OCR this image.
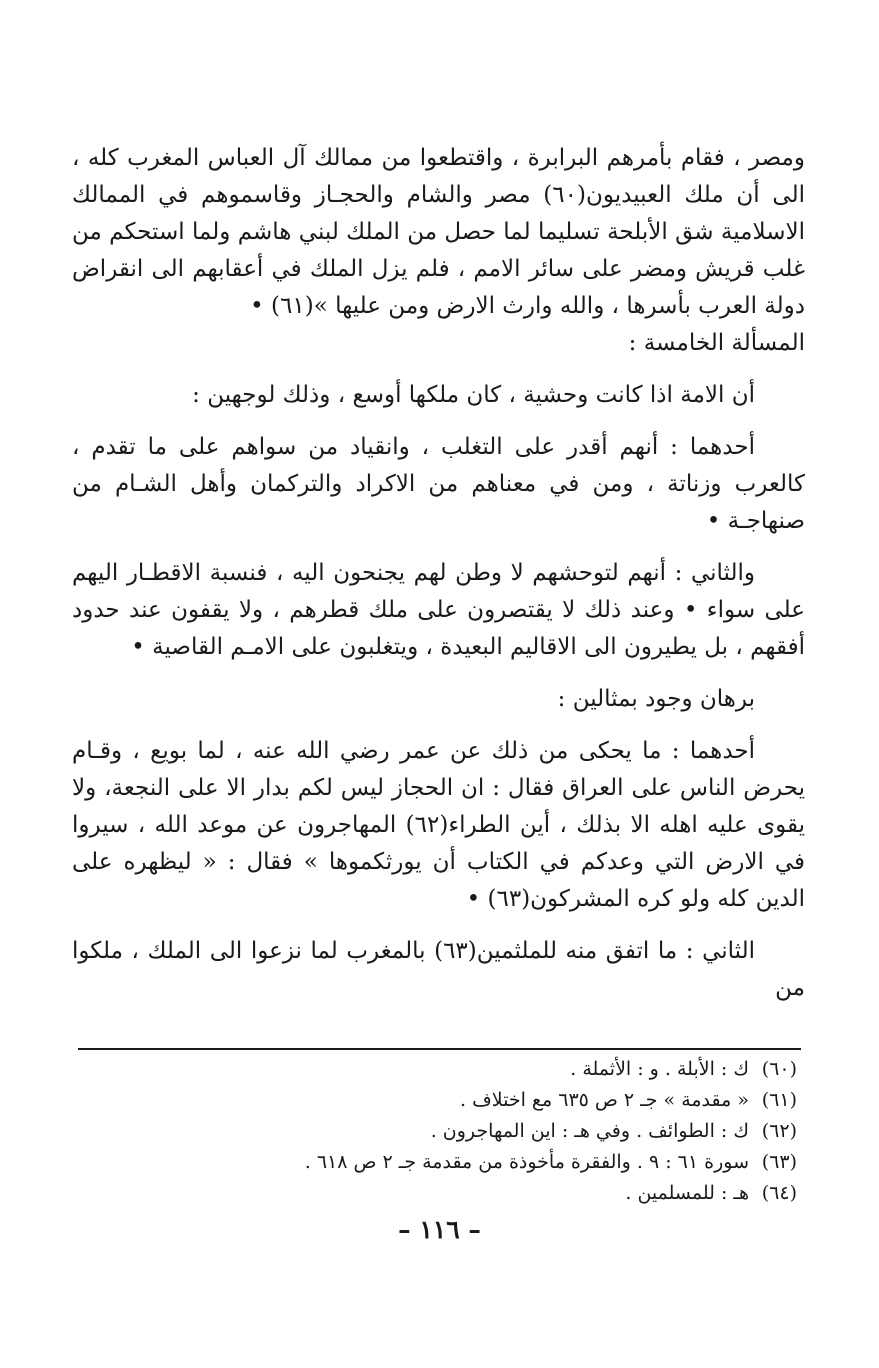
ومصر ، فقام بأمرهم البرابرة ، واقتطعوا من ممالك آل العباس المغرب كله ، الى أن ملك العبيديون(٦٠) مصر والشام والحجـاز وقاسموهم في الممالك الاسلامية شق الأبلحة تسليما لما حصل من الملك لبني هاشم ولما استحكم من غلب قريش ومضر على سائر الامم ، فلم يزل الملك في أعقابهم الى انقراض دولة العرب بأسرها ، والله وارث الارض ومن عليها »(٦١) •

المسألة الخامسة :

أن الامة اذا كانت وحشية ، كان ملكها أوسع ، وذلك لوجهين :

أحدهما : أنهم أقدر على التغلب ، وانقياد من سواهم على ما تقدم ، كالعرب وزناتة ، ومن في معناهم من الاكراد والتركمان وأهل الشـام من صنهاجـة •

والثاني : أنهم لتوحشهم لا وطن لهم يجنحون اليه ، فنسبة الاقطـار اليهم على سواء • وعند ذلك لا يقتصرون على ملك قطرهم ، ولا يقفون عند حدود أفقهم ، بل يطيرون الى الاقاليم البعيدة ، ويتغلبون على الامـم القاصية •

برهان وجود بمثالين :

أحدهما : ما يحكى من ذلك عن عمر رضي الله عنه ، لما بويع ، وقـام يحرض الناس على العراق فقال : ان الحجاز ليس لكم بدار الا على النجعة، ولا يقوى عليه اهله الا بذلك ، أين الطراء(٦٢) المهاجرون عن موعد الله ، سيروا في الارض التي وعدكم في الكتاب أن يورثكموها » فقال : « ليظهره على الدين كله ولو كره المشركون(٦٣) •

الثاني : ما اتفق منه للملثمين(٦٣) بالمغرب لما نزعوا الى الملك ، ملكوا من

(٦٠)
ك : الأبلة . و : الأثملة .
(٦١)
« مقدمة » جـ ٢ ص ٦٣٥ مع اختلاف .
(٦٢)
ك : الطوائف . وفي هـ : اين المهاجرون .
(٦٣)
سورة ٦١ : ٩ . والفقرة مأخوذة من مقدمة جـ ٢ ص ٦١٨ .
(٦٤)
هـ : للمسلمين .
– ١١٦ –
